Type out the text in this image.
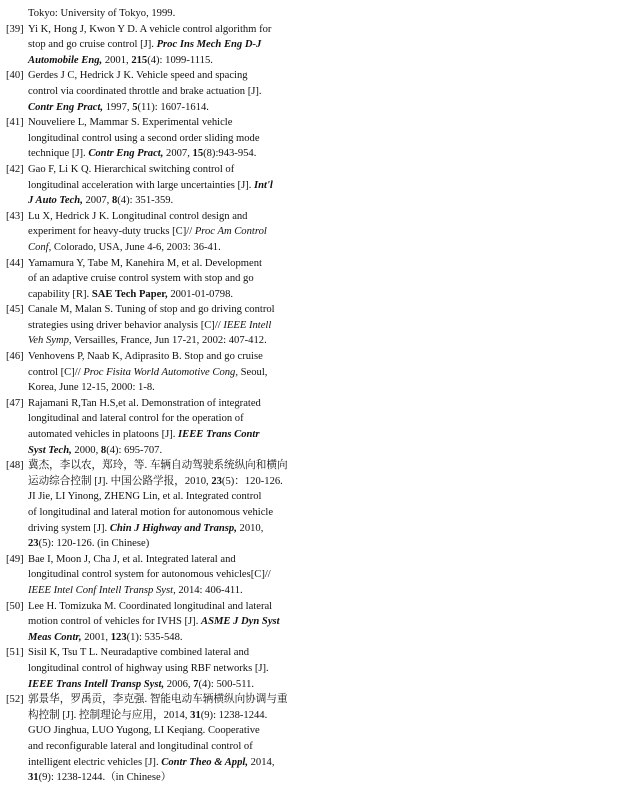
Tokyo: University of Tokyo, 1999.

[39] Yi K, Hong J, Kwon Y D. A vehicle control algorithm for
stop and go cruise control [J]. Proc Ins Mech Eng D-J
Automobile Eng, 2001, 215(4): 1099-1115.

[40] Gerdes J C, Hedrick J K. Vehicle speed and spacing
control via coordinated throttle and brake actuation [J].
Contr Eng Pract, 1997, 5(11): 1607-1614.

[41] Nouveliere L, Mammar S. Experimental vehicle
longitudinal control using a second order sliding mode
technique [J]. Contr Eng Pract, 2007, 15(8):943-954.

[42] Gao F, Li K Q. Hierarchical switching control of
longitudinal acceleration with large uncertainties [J]. Int'l
J Auto Tech, 2007, 8(4): 351-359.

[43] Lu X, Hedrick J K. Longitudinal control design and
experiment for heavy-duty trucks [C]// Proc Am Control
Conf, Colorado, USA, June 4-6, 2003: 36-41.

[44] Yamamura Y, Tabe M, Kanehira M, et al. Development
of an adaptive cruise control system with stop and go
capability [R]. SAE Tech Paper, 2001-01-0798.

[45] Canale M, Malan S. Tuning of stop and go driving control
strategies using driver behavior analysis [C]// IEEE Intell
Veh Symp, Versailles, France, Jun 17-21, 2002: 407-412.

[46] Venhovens P, Naab K, Adiprasito B. Stop and go cruise
control [C]// Proc Fisita World Automotive Cong, Seoul,
Korea, June 12-15, 2000: 1-8.

[47] Rajamani R,Tan H.S,et al. Demonstration of integrated
longitudinal and lateral control for the operation of
automated vehicles in platoons [J]. IEEE Trans Contr
Syst Tech, 2000, 8(4): 695-707.

[48] 冀杰，李以农，郑玲，等. 车辆自动驾驶系统纵向和横向
运动综合控制 [J]. 中国公路学报，2010, 23(5)：120-126.
JI Jie, LI Yinong, ZHENG Lin, et al. Integrated control
of longitudinal and lateral motion for autonomous vehicle
driving system [J]. Chin J Highway and Transp, 2010,
23(5): 120-126. (in Chinese)

[49] Bae I, Moon J, Cha J, et al. Integrated lateral and
longitudinal control system for autonomous vehicles[C]//
IEEE Intel Conf Intell Transp Syst, 2014: 406-411.

[50] Lee H. Tomizuka M. Coordinated longitudinal and lateral
motion control of vehicles for IVHS [J]. ASME J Dyn Syst
Meas Contr, 2001, 123(1): 535-548.

[51] Sisil K, Tsu T L. Neuradaptive combined lateral and
longitudinal control of highway using RBF networks [J].
IEEE Trans Intell Transp Syst, 2006, 7(4): 500-511.

[52] 郭景华，罗禹贡，李克强. 智能电动车辆横纵向协调与重
构控制 [J]. 控制理论与应用，2014, 31(9): 1238-1244.
GUO Jinghua, LUO Yugong, LI Keqiang. Cooperative
and reconfigurable lateral and longitudinal control of
intelligent electric vehicles [J]. Contr Theo & Appl, 2014,
31(9): 1238-1244.（in Chinese）
